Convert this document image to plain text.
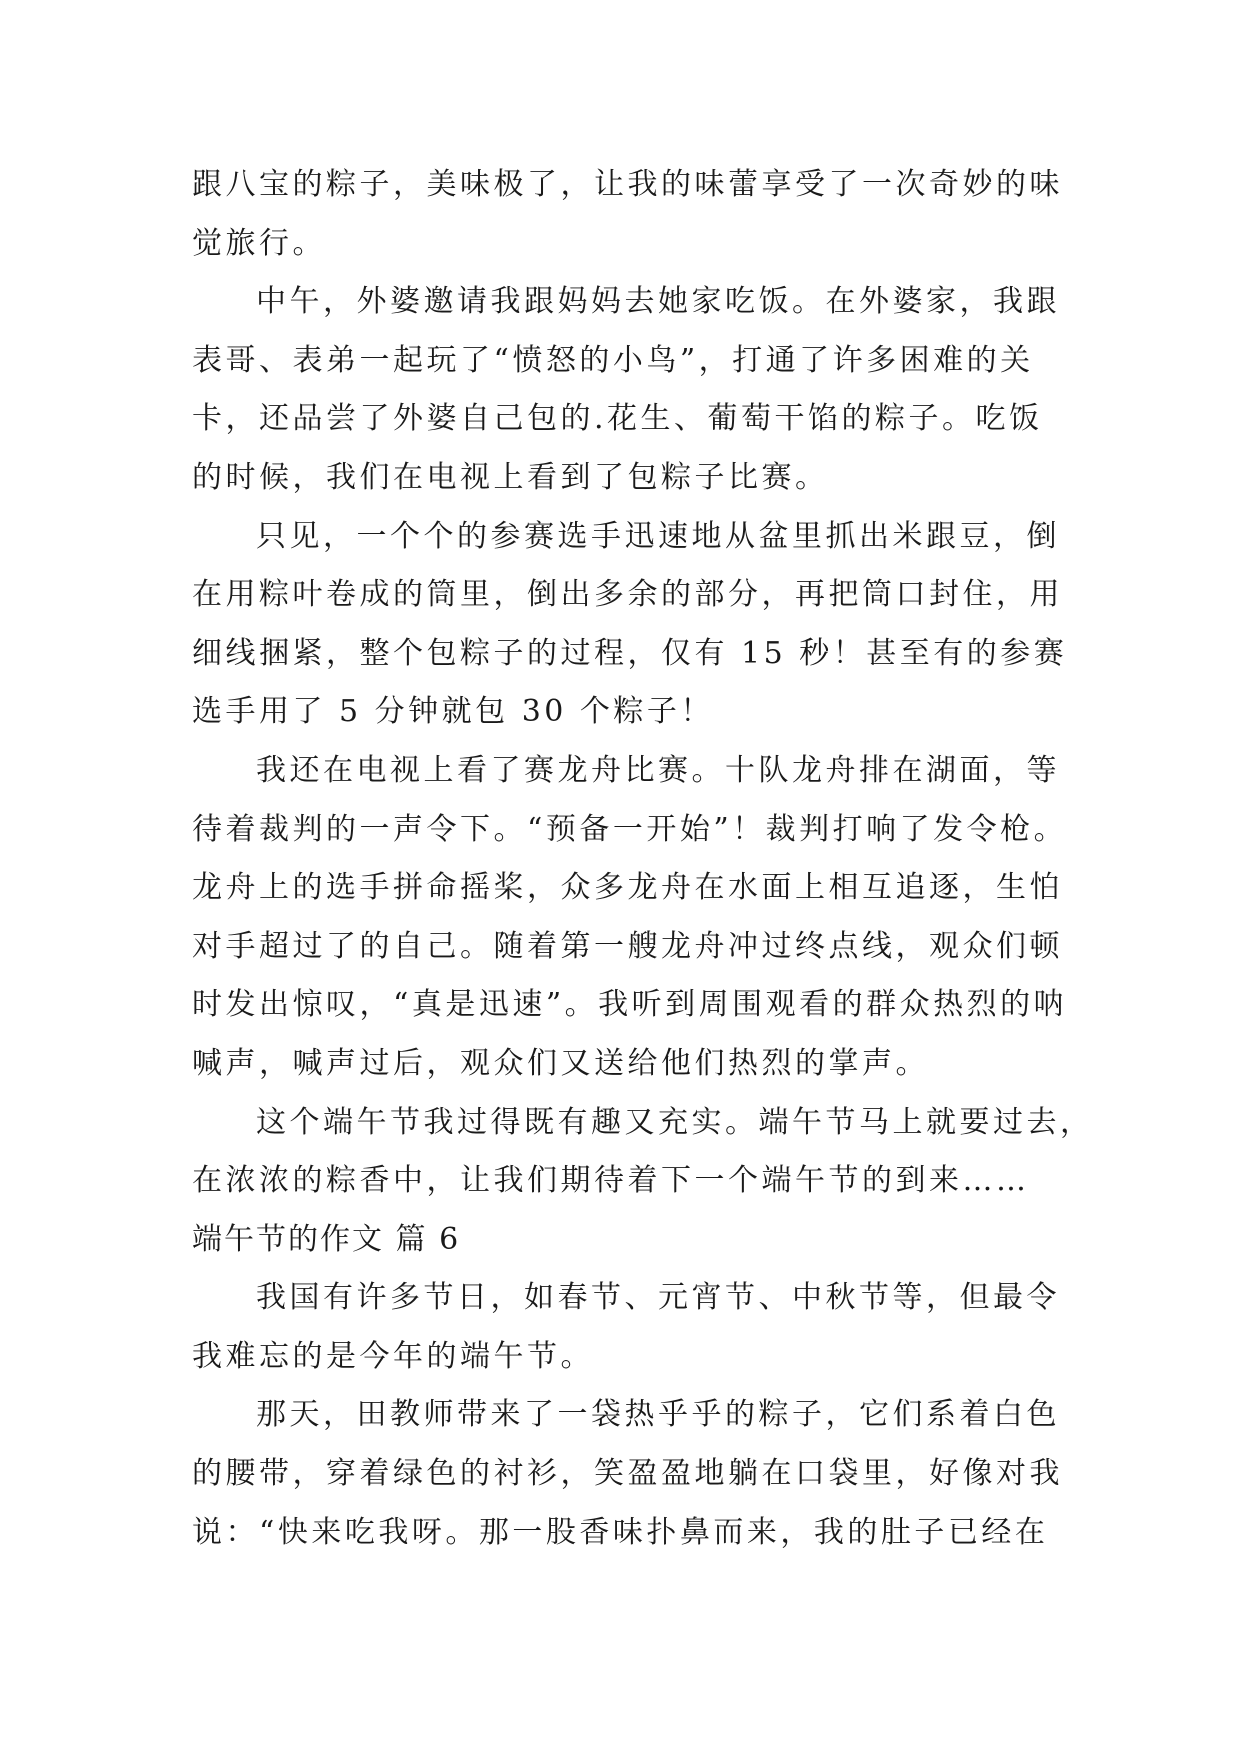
跟八宝的粽子，美味极了，让我的味蕾享受了一次奇妙的味
觉旅行。
中午，外婆邀请我跟妈妈去她家吃饭。在外婆家，我跟
表哥、表弟一起玩了“愤怒的小鸟”，打通了许多困难的关
卡，还品尝了外婆自己包的.花生、葡萄干馅的粽子。吃饭
的时候，我们在电视上看到了包粽子比赛。
只见，一个个的参赛选手迅速地从盆里抓出米跟豆，倒
在用粽叶卷成的筒里，倒出多余的部分，再把筒口封住，用
细线捆紧，整个包粽子的过程，仅有 15 秒！甚至有的参赛
选手用了 5 分钟就包 30 个粽子！
我还在电视上看了赛龙舟比赛。十队龙舟排在湖面，等
待着裁判的一声令下。“预备一开始”！裁判打响了发令枪。
龙舟上的选手拼命摇桨，众多龙舟在水面上相互追逐，生怕
对手超过了的自己。随着第一艘龙舟冲过终点线，观众们顿
时发出惊叹，“真是迅速”。我听到周围观看的群众热烈的呐
喊声，喊声过后，观众们又送给他们热烈的掌声。
这个端午节我过得既有趣又充实。端午节马上就要过去，
在浓浓的粽香中，让我们期待着下一个端午节的到来……
端午节的作文 篇 6
我国有许多节日，如春节、元宵节、中秋节等，但最令
我难忘的是今年的端午节。
那天，田教师带来了一袋热乎乎的粽子，它们系着白色
的腰带，穿着绿色的衬衫，笑盈盈地躺在口袋里，好像对我
说：“快来吃我呀。那一股香味扑鼻而来，我的肚子已经在
